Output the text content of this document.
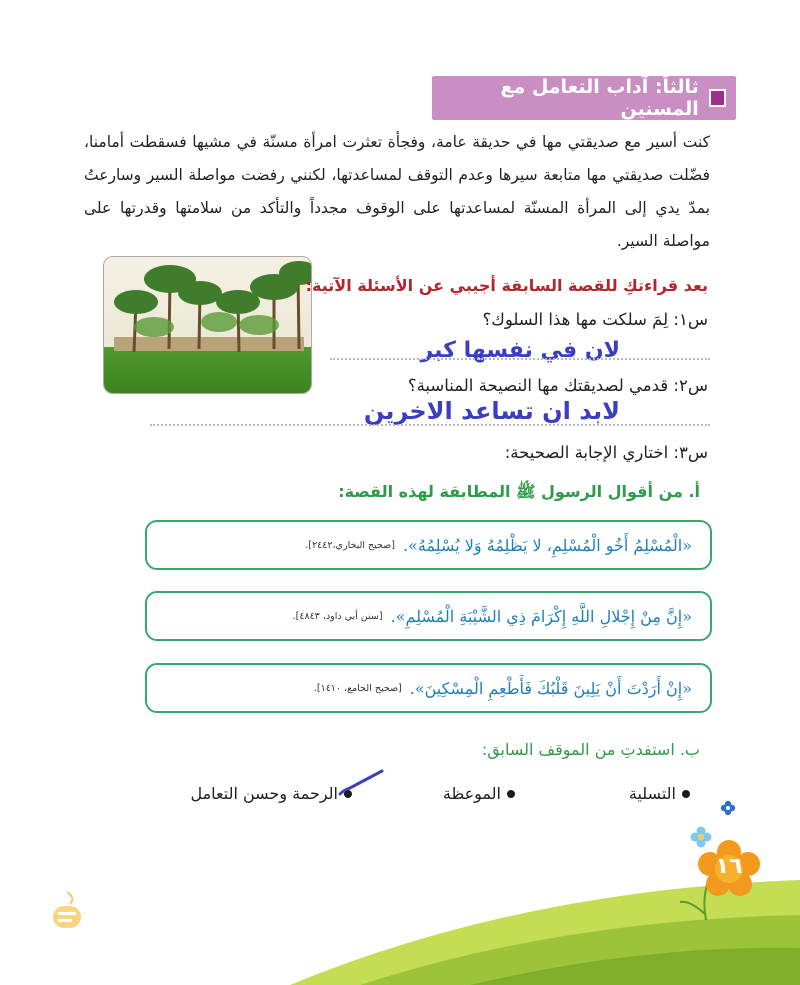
ثالثاً: آداب التعامل مع المسنين
كنت أسير مع صديقتي مها في حديقة عامة، وفجأة تعثرت امرأة مسنّة في مشيها فسقطت أمامنا، فضّلت صديقتي مها متابعة سيرها وعدم التوقف لمساعدتها، لكنني رفضت مواصلة السير وسارعتُ بمدّ يدي إلى المرأة المسنّة لمساعدتها على الوقوف مجدداً والتأكد من سلامتها وقدرتها على مواصلة السير.
بعد قراءتكِ للقصة السابقة أجيبي عن الأسئلة الآتية:
س١: لِمَ سلكت مها هذا السلوك؟
لان في نفسها كبر
س٢: قدمي لصديقتك مها النصيحة المناسبة؟
لابد ان تساعد الاخرين
س٣: اختاري الإجابة الصحيحة:
أ. من أقوال الرسول ﷺ المطابقة لهذه القصة:
«الْمُسْلِمُ أَخُو الْمُسْلِمِ، لا يَظْلِمُهُ وَلا يُسْلِمُهُ».
[صحيح البخاري،٢٤٤٢].
«إِنَّ مِنْ إِجْلالِ اللَّهِ إِكْرَامَ ذِي الشَّيْبَةِ الْمُسْلِمِ».
[سنن أبي داود، ٤٨٤٣].
«إِنْ أَرَدْتَ أَنْ يَلِينَ قَلْبُكَ فَأَطْعِمِ الْمِسْكِينَ».
[صحيح الجامع، ١٤١٠].
ب. استفدتِ من الموقف السابق:
التسلية
الموعظة
الرحمة وحسن التعامل
١٦
